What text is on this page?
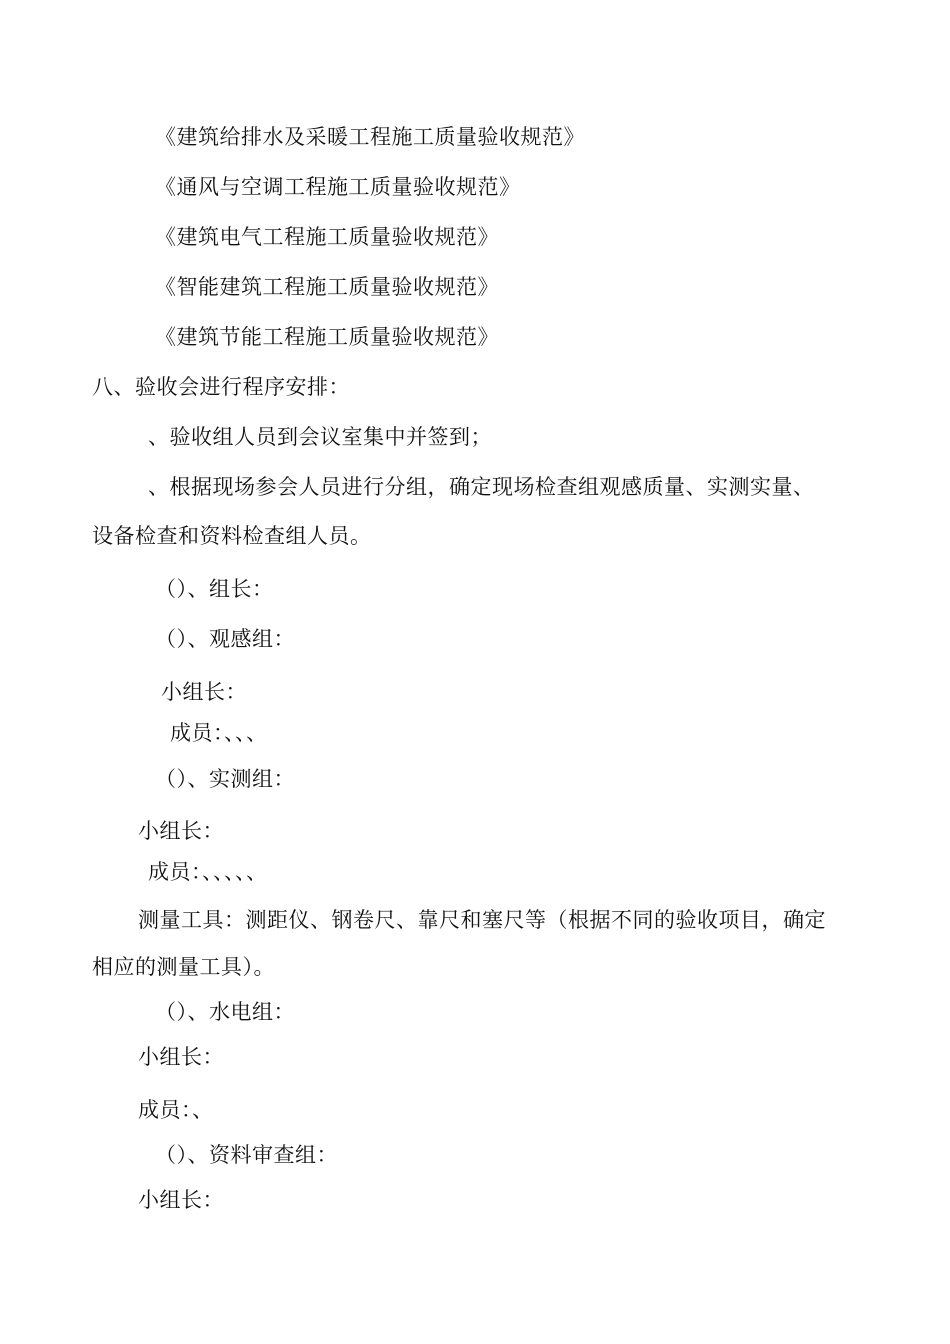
《建筑给排水及采暖工程施工质量验收规范》
《通风与空调工程施工质量验收规范》
《建筑电气工程施工质量验收规范》
《智能建筑工程施工质量验收规范》
《建筑节能工程施工质量验收规范》
八、验收会进行程序安排：
、验收组人员到会议室集中并签到；
、根据现场参会人员进行分组，确定现场检查组观感质量、实测实量、
设备检查和资料检查组人员。
（）、组长：
（）、观感组：
小组长：
成员：、、、
（）、实测组：
小组长：
成员：、、、、、
测量工具：测距仪、钢卷尺、靠尺和塞尺等（根据不同的验收项目，确定
相应的测量工具）。
（）、水电组：
小组长：
成员：、
（）、资料审查组：
小组长：
